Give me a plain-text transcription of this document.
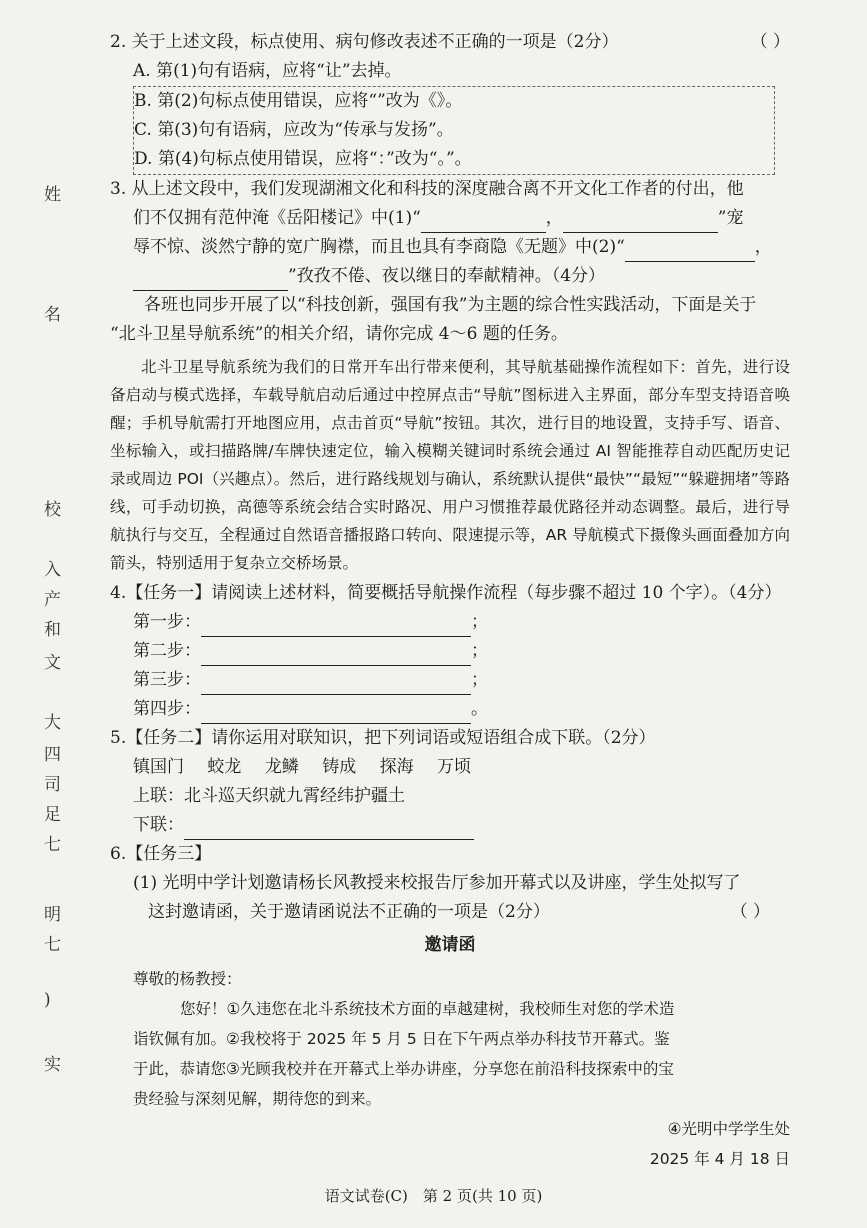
姓
名
校
入
产
和
文
大
四
司
足
七
明
七
)
实
2. 关于上述文段，标点使用、病句修改表述不正确的一项是（2分）	（ ）
A. 第(1)句有语病，应将“让”去掉。
B. 第(2)句标点使用错误，应将“”改为《》。
C. 第(3)句有语病，应改为“传承与发扬”。
D. 第(4)句标点使用错误，应将“：”改为“。”。
3. 从上述文段中，我们发现湖湘文化和科技的深度融合离不开文化工作者的付出，他
们不仅拥有范仲淹《岳阳楼记》中(1)“	，	”宠
辱不惊、淡然宁静的宽广胸襟，而且也具有李商隐《无题》中(2)“	，
”孜孜不倦、夜以继日的奉献精神。（4分）
各班也同步开展了以“科技创新，强国有我”为主题的综合性实践活动，下面是关于
“北斗卫星导航系统”的相关介绍，请你完成 4～6 题的任务。

北斗卫星导航系统为我们的日常开车出行带来便利，其导航基础操作流程如下：首先，进行设备启动与模式选择，车载导航启动后通过中控屏点击“导航”图标进入主界面，部分车型支持语音唤醒；手机导航需打开地图应用，点击首页“导航”按钮。其次，进行目的地设置，支持手写、语音、坐标输入，或扫描路牌/车牌快速定位，输入模糊关键词时系统会通过 AI 智能推荐自动匹配历史记录或周边 POI（兴趣点）。然后，进行路线规划与确认，系统默认提供“最快”“最短”“躲避拥堵”等路线，可手动切换，高德等系统会结合实时路况、用户习惯推荐最优路径并动态调整。最后，进行导航执行与交互，全程通过自然语音播报路口转向、限速提示等，AR 导航模式下摄像头画面叠加方向箭头，特别适用于复杂立交桥场景。

4.【任务一】请阅读上述材料，简要概括导航操作流程（每步骤不超过 10 个字）。（4分）
第一步：	；
第二步：	；
第三步：	；
第四步：	。
5.【任务二】请你运用对联知识，把下列词语或短语组合成下联。（2分）
镇国门 蛟龙 龙鳞 铸成 探海 万顷
上联：北斗巡天织就九霄经纬护疆土
下联：
6.【任务三】
(1) 光明中学计划邀请杨长风教授来校报告厅参加开幕式以及讲座，学生处拟写了
这封邀请函，关于邀请函说法不正确的一项是（2分）	（ ）
邀请函

尊敬的杨教授：

您好！①久违您在北斗系统技术方面的卓越建树，我校师生对您的学术造

诣钦佩有加。②我校将于 2025 年 5 月 5 日在下午两点举办科技节开幕式。鉴

于此，恭请您③光顾我校并在开幕式上举办讲座，分享您在前沿科技探索中的宝

贵经验与深刻见解，期待您的到来。

④光明中学学生处

2025 年 4 月 18 日

语文试卷(C)　第 2 页(共 10 页)
